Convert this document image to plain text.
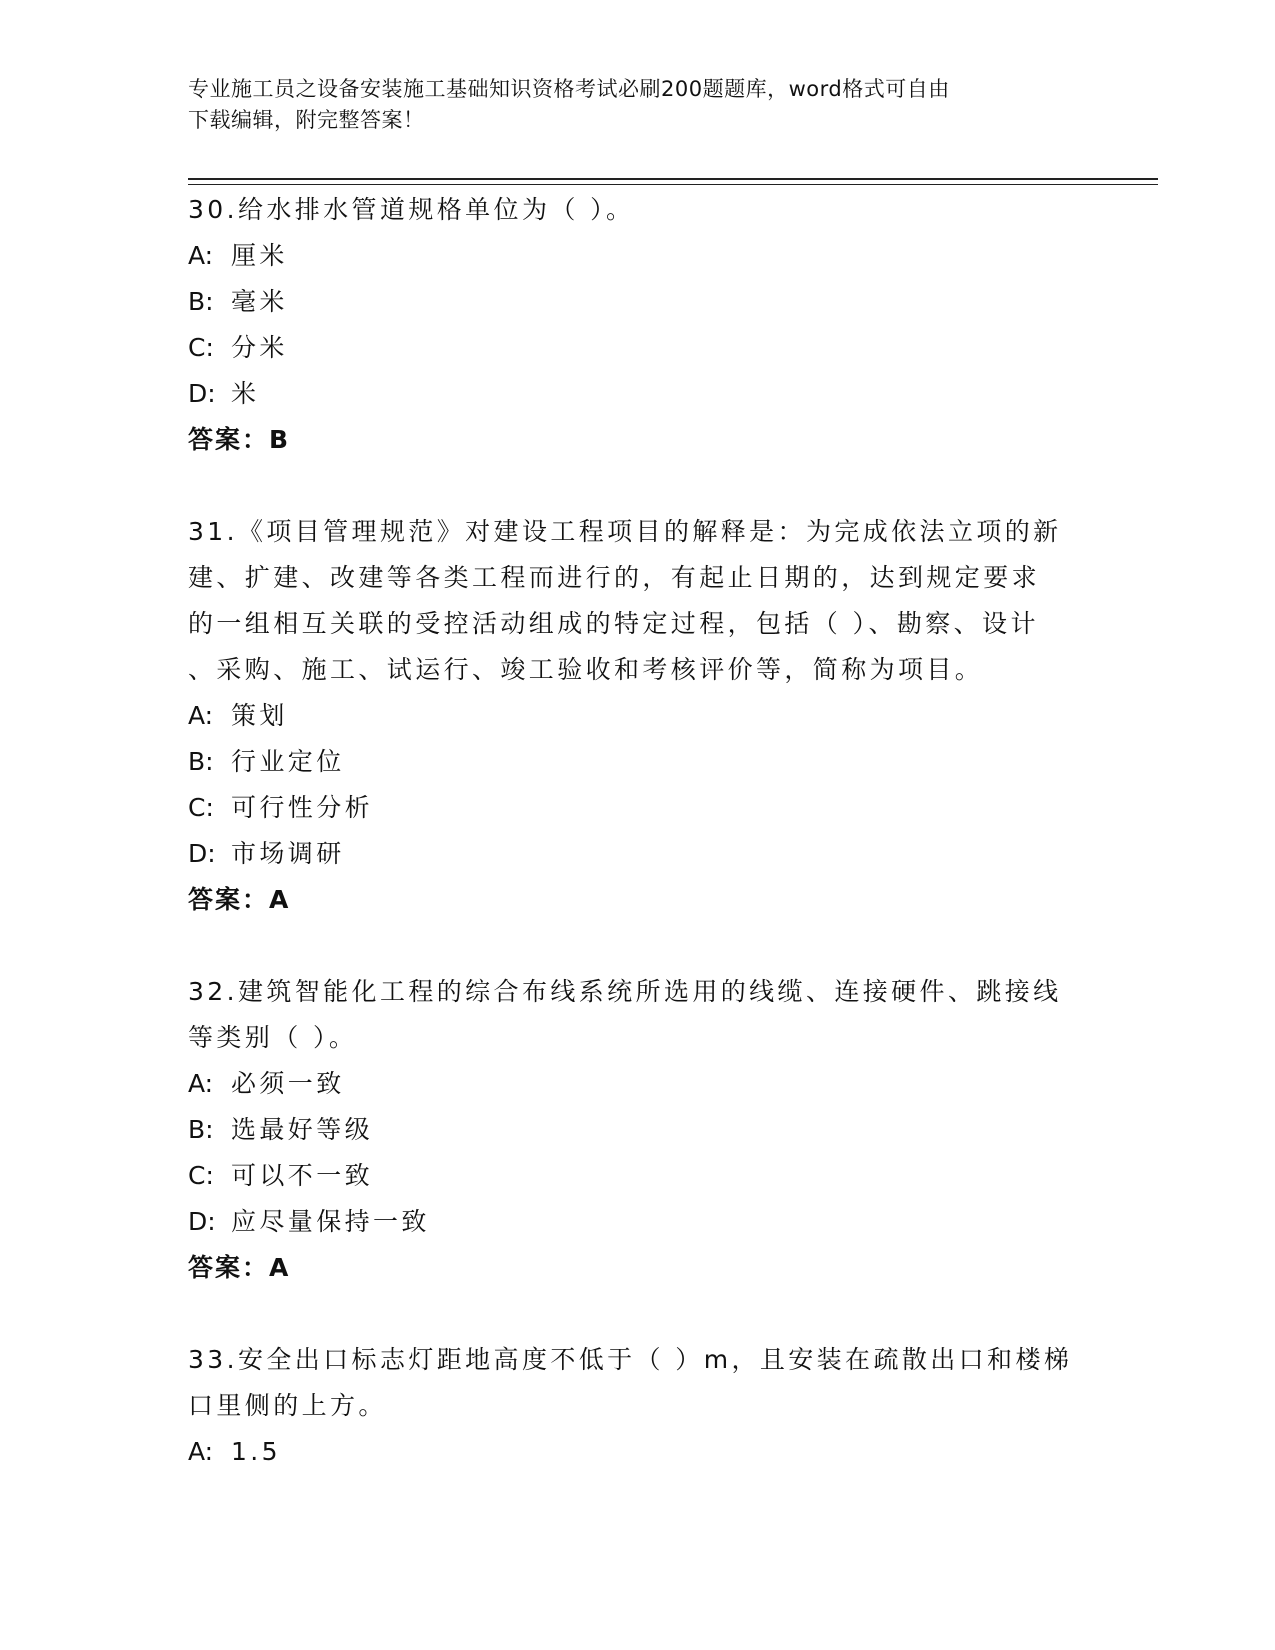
专业施工员之设备安装施工基础知识资格考试必刷200题题库，word格式可自由
下载编辑，附完整答案！
30.给水排水管道规格单位为（ ）。
A: 厘米
B: 毫米
C: 分米
D: 米
答案：B
31.《项目管理规范》对建设工程项目的解释是：为完成依法立项的新
建、扩建、改建等各类工程而进行的，有起止日期的，达到规定要求
的一组相互关联的受控活动组成的特定过程，包括（ ）、勘察、设计
、采购、施工、试运行、竣工验收和考核评价等，简称为项目。
A: 策划
B: 行业定位
C: 可行性分析
D: 市场调研
答案：A
32.建筑智能化工程的综合布线系统所选用的线缆、连接硬件、跳接线
等类别（ ）。
A: 必须一致
B: 选最好等级
C: 可以不一致
D: 应尽量保持一致
答案：A
33.安全出口标志灯距地高度不低于（ ）m，且安装在疏散出口和楼梯
口里侧的上方。
A: 1.5
